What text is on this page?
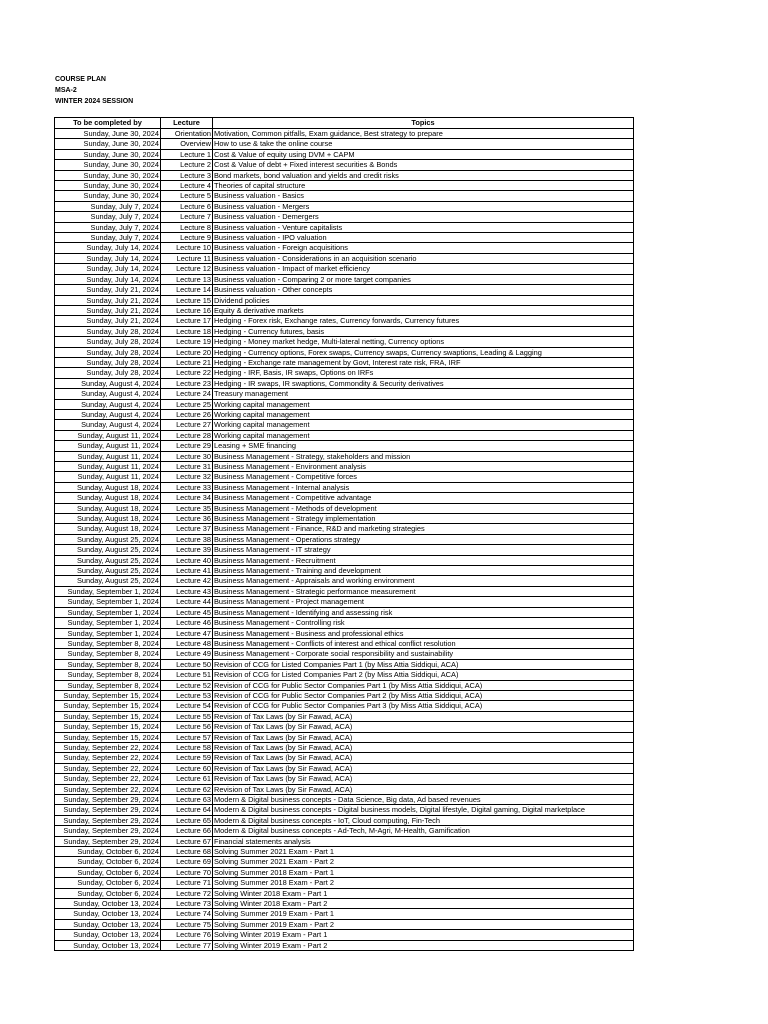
COURSE PLAN
MSA-2
WINTER 2024 SESSION
To be completed by	Lecture	Topics
Sunday, June 30, 2024	Orientation	Motivation, Common pitfalls, Exam guidance, Best strategy to prepare
Sunday, June 30, 2024	Overview	How to use & take the online course
Sunday, June 30, 2024	Lecture 1	Cost & Value of equity using DVM + CAPM
Sunday, June 30, 2024	Lecture 2	Cost & Value of debt + Fixed interest securities & Bonds
Sunday, June 30, 2024	Lecture 3	Bond markets, bond valuation and yields and credit risks
Sunday, June 30, 2024	Lecture 4	Theories of capital structure
Sunday, June 30, 2024	Lecture 5	Business valuation - Basics
Sunday, July 7, 2024	Lecture 6	Business valuation - Mergers
Sunday, July 7, 2024	Lecture 7	Business valuation - Demergers
Sunday, July 7, 2024	Lecture 8	Business valuation - Venture capitalists
Sunday, July 7, 2024	Lecture 9	Business valuation - IPO valuation
Sunday, July 14, 2024	Lecture 10	Business valuation - Foreign acquisitions
Sunday, July 14, 2024	Lecture 11	Business valuation - Considerations in an acquisition scenario
Sunday, July 14, 2024	Lecture 12	Business valuation - Impact of market efficiency
Sunday, July 14, 2024	Lecture 13	Business valuation - Comparing 2 or more target companies
Sunday, July 21, 2024	Lecture 14	Business valuation - Other concepts
Sunday, July 21, 2024	Lecture 15	Dividend policies
Sunday, July 21, 2024	Lecture 16	Equity & derivative markets
Sunday, July 21, 2024	Lecture 17	Hedging - Forex risk, Exchange rates, Currency forwards, Currency futures
Sunday, July 28, 2024	Lecture 18	Hedging - Currency futures, basis
Sunday, July 28, 2024	Lecture 19	Hedging - Money market hedge, Multi-lateral netting, Currency options
Sunday, July 28, 2024	Lecture 20	Hedging - Currency options, Forex swaps, Currency swaps, Currency swaptions, Leading & Lagging
Sunday, July 28, 2024	Lecture 21	Hedging - Exchange rate management by Govt, Interest rate risk, FRA, IRF
Sunday, July 28, 2024	Lecture 22	Hedging - IRF, Basis, IR swaps, Options on IRFs
Sunday, August 4, 2024	Lecture 23	Hedging - IR swaps, IR swaptions, Commondity & Security derivatives
Sunday, August 4, 2024	Lecture 24	Treasury management
Sunday, August 4, 2024	Lecture 25	Working capital management
Sunday, August 4, 2024	Lecture 26	Working capital management
Sunday, August 4, 2024	Lecture 27	Working capital management
Sunday, August 11, 2024	Lecture 28	Working capital management
Sunday, August 11, 2024	Lecture 29	Leasing + SME financing
Sunday, August 11, 2024	Lecture 30	Business Management - Strategy, stakeholders and mission
Sunday, August 11, 2024	Lecture 31	Business Management - Environment analysis
Sunday, August 11, 2024	Lecture 32	Business Management - Competitive forces
Sunday, August 18, 2024	Lecture 33	Business Management - Internal analysis
Sunday, August 18, 2024	Lecture 34	Business Management - Competitive advantage
Sunday, August 18, 2024	Lecture 35	Business Management - Methods of development
Sunday, August 18, 2024	Lecture 36	Business Management - Strategy implementation
Sunday, August 18, 2024	Lecture 37	Business Management - Finance, R&D and marketing strategies
Sunday, August 25, 2024	Lecture 38	Business Management - Operations strategy
Sunday, August 25, 2024	Lecture 39	Business Management - IT strategy
Sunday, August 25, 2024	Lecture 40	Business Management - Recruitment
Sunday, August 25, 2024	Lecture 41	Business Management - Training and development
Sunday, August 25, 2024	Lecture 42	Business Management - Appraisals and working environment
Sunday, September 1, 2024	Lecture 43	Business Management - Strategic performance measurement
Sunday, September 1, 2024	Lecture 44	Business Management - Project management
Sunday, September 1, 2024	Lecture 45	Business Management - Identifying and assessing risk
Sunday, September 1, 2024	Lecture 46	Business Management - Controlling risk
Sunday, September 1, 2024	Lecture 47	Business Management - Business and professional ethics
Sunday, September 8, 2024	Lecture 48	Business Management - Conflicts of interest and ethical conflict resolution
Sunday, September 8, 2024	Lecture 49	Business Management - Corporate social responsibility and sustainability
Sunday, September 8, 2024	Lecture 50	Revision of CCG for Listed Companies Part 1 (by Miss Attia Siddiqui, ACA)
Sunday, September 8, 2024	Lecture 51	Revision of CCG for Listed Companies Part 2 (by Miss Attia Siddiqui, ACA)
Sunday, September 8, 2024	Lecture 52	Revision of CCG for Public Sector Companies Part 1 (by Miss Attia Siddiqui, ACA)
Sunday, September 15, 2024	Lecture 53	Revision of CCG for Public Sector Companies Part 2 (by Miss Attia Siddiqui, ACA)
Sunday, September 15, 2024	Lecture 54	Revision of CCG for Public Sector Companies Part 3 (by Miss Attia Siddiqui, ACA)
Sunday, September 15, 2024	Lecture 55	Revision of Tax Laws (by Sir Fawad, ACA)
Sunday, September 15, 2024	Lecture 56	Revision of Tax Laws (by Sir Fawad, ACA)
Sunday, September 15, 2024	Lecture 57	Revision of Tax Laws (by Sir Fawad, ACA)
Sunday, September 22, 2024	Lecture 58	Revision of Tax Laws (by Sir Fawad, ACA)
Sunday, September 22, 2024	Lecture 59	Revision of Tax Laws (by Sir Fawad, ACA)
Sunday, September 22, 2024	Lecture 60	Revision of Tax Laws (by Sir Fawad, ACA)
Sunday, September 22, 2024	Lecture 61	Revision of Tax Laws (by Sir Fawad, ACA)
Sunday, September 22, 2024	Lecture 62	Revision of Tax Laws (by Sir Fawad, ACA)
Sunday, September 29, 2024	Lecture 63	Modern & Digital business concepts - Data Science, Big data, Ad based revenues
Sunday, September 29, 2024	Lecture 64	Modern & Digital business concepts - Digital business models, Digital lifestyle, Digital gaming, Digital marketplace
Sunday, September 29, 2024	Lecture 65	Modern & Digital business concepts - IoT, Cloud computing, Fin-Tech
Sunday, September 29, 2024	Lecture 66	Modern & Digital business concepts - Ad-Tech, M-Agri, M-Health, Gamification
Sunday, September 29, 2024	Lecture 67	Financial statements analysis
Sunday, October 6, 2024	Lecture 68	Solving Summer 2021 Exam - Part 1
Sunday, October 6, 2024	Lecture 69	Solving Summer 2021 Exam - Part 2
Sunday, October 6, 2024	Lecture 70	Solving Summer 2018 Exam - Part 1
Sunday, October 6, 2024	Lecture 71	Solving Summer 2018 Exam - Part 2
Sunday, October 6, 2024	Lecture 72	Solving Winter 2018 Exam - Part 1
Sunday, October 13, 2024	Lecture 73	Solving Winter 2018 Exam - Part 2
Sunday, October 13, 2024	Lecture 74	Solving Summer 2019 Exam - Part 1
Sunday, October 13, 2024	Lecture 75	Solving Summer 2019 Exam - Part 2
Sunday, October 13, 2024	Lecture 76	Solving Winter 2019 Exam - Part 1
Sunday, October 13, 2024	Lecture 77	Solving Winter 2019 Exam - Part 2
